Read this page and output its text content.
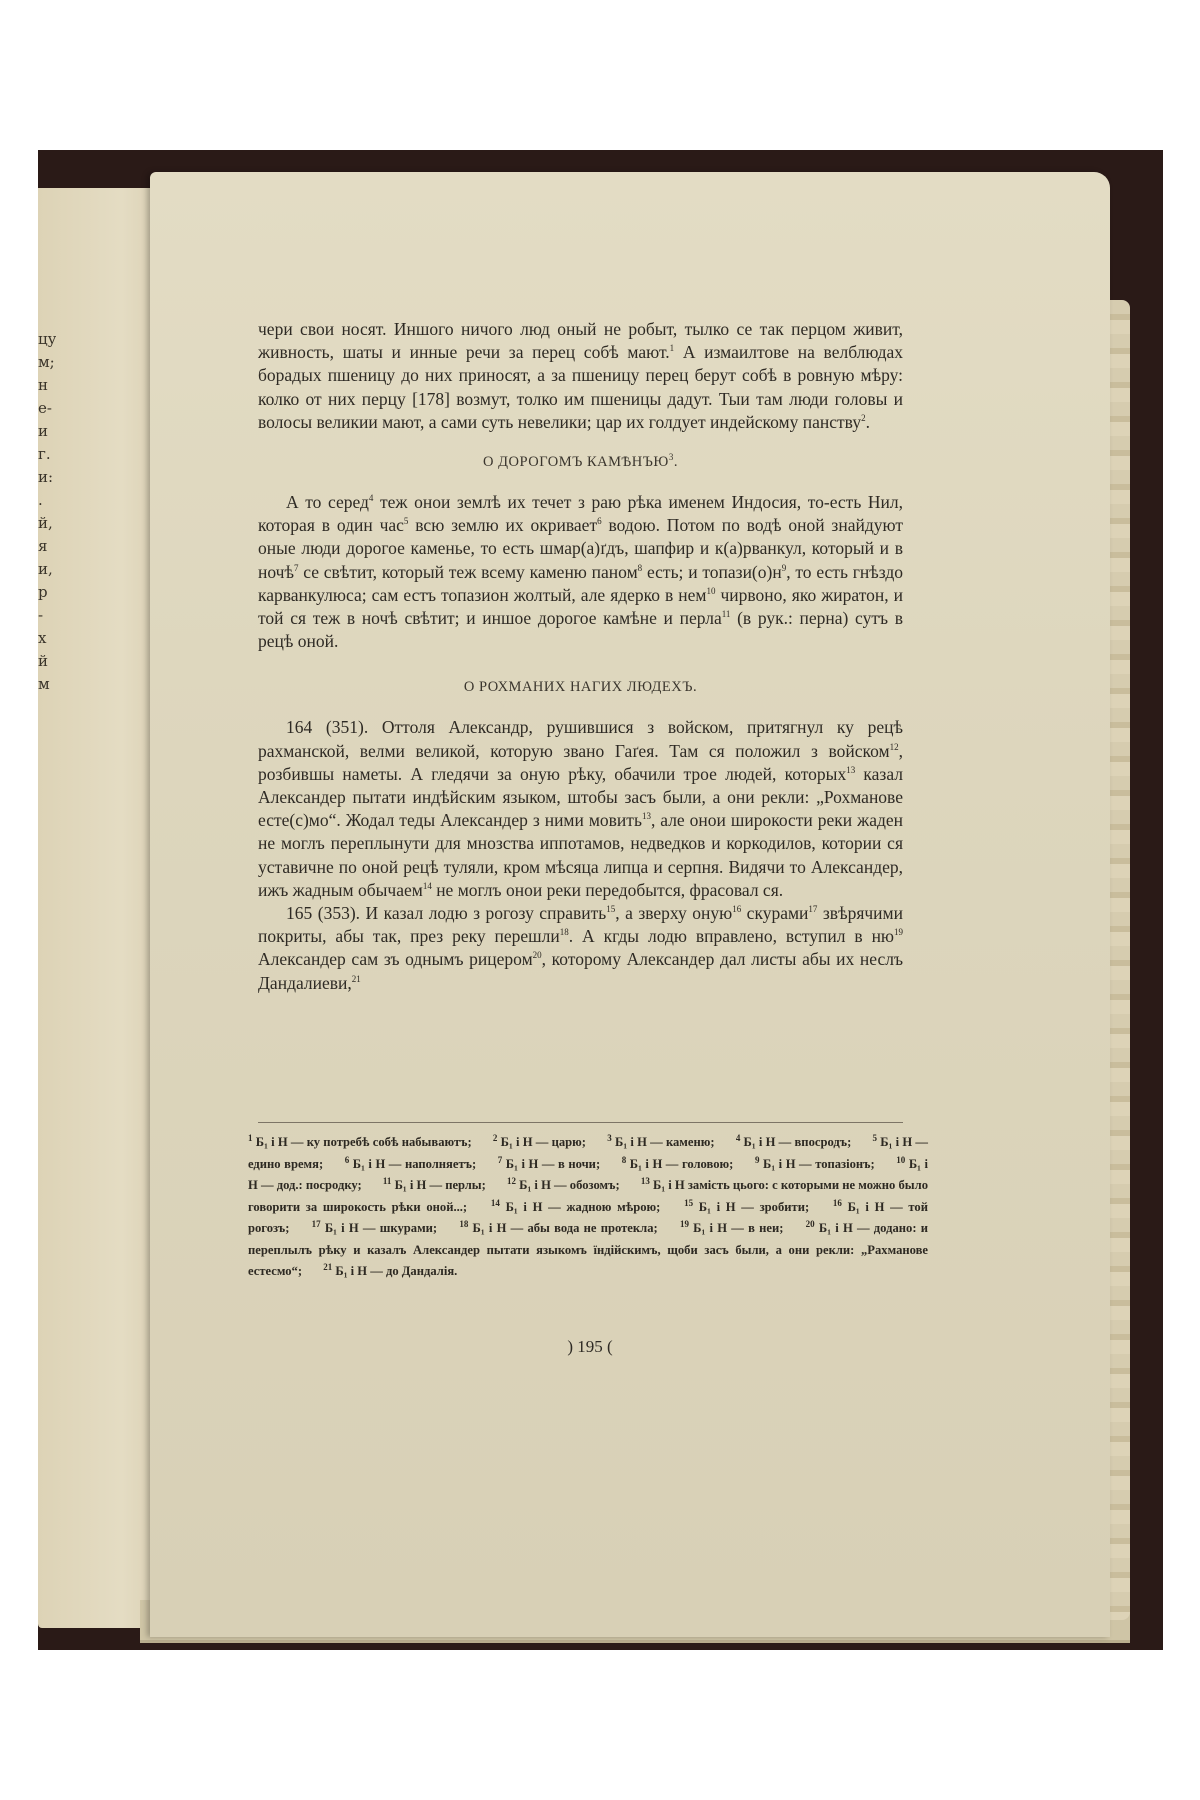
цу
м;
н
е-
и
г.
и:
.
й,
я
и,
р
-
х
й
м

чери свои носят. Иншого ничого люд оный не робыт, тылко се так перцом живит, живность, шаты и инные речи за перец собѣ мают.$^1$ А измаилтове на велблюдах борадых пшеницу до них приносят, а за пшеницу перец берут собѣ в ровную мѣру: колко от них перцу [178] возмут, толко им пшеницы дадут. Тыи там люди головы и волосы великии мают, а сами суть невелики; цар их голдует индейскому панству$^2$.

О ДОРОГОМЪ КАМѢНЪЮ$^3$.

А то серед$^4$ теж онои землѣ их течет з раю рѣка именем Индосия, то-есть Нил, которая в один час$^5$ всю землю их окривает$^6$ водою. Потом по водѣ оной знайдуют оные люди дорогое каменье, то есть шмар(а)ґдъ, шапфир и к(а)рванкул, который и в ночѣ$^7$ се свѣтит, который теж всему каменю паном$^8$ есть; и $топази(о)н^9$, то есть гнѣздо карванкулюса; сам естъ топазион жолтый, але ядерко в нем$^{10}$ чирвоно, яко жиратон, и той ся теж в ночѣ свѣтит; и иншое дорогое камѣне и перла$^{11}$ (в рук.: перна) сутъ в рецѣ оной.

О РОХМАНИХ НАГИХ ЛЮДЕХЪ.

164 (351). Оттоля Александр, рушившися з войском, притягнул ку рецѣ рахманской, велми великой, которую звано Гаґея. Там ся положил з войском$^{12}$, розбившы наметы. А гледячи за оную рѣку, обачили трое людей, которых$^{13}$ казал Александер пытати индѣйским языком, штобы засъ были, а они рекли: „Рохманове есте(с)мо“. Жодал теды Александер з ними мовить$^{13}$, але онои широкости реки жаден не моглъ переплынути для мнозства иппотамов, недведков и коркодилов, котории ся уставичне по оной рецѣ туляли, кром мѣсяца липца и серпня. Видячи то Александер, ижъ жадным обычаем$^{14}$ не моглъ онои реки передобытся, фрасовал ся.

165 (353). И казал лодю з рогозу справить$^{15}$, а зверху оную$^{16}$ скурами$^{17}$ звѣрячими покриты, абы так, през реку перешли$^{18}$. А кгды лодю вправлено, вступил в $ню^{19}$ Александер сам зъ однымъ рицером$^{20}$, которому Александер дал листы абы их неслъ Дандалиеви,$^{21}$

$^1$ Б₁ і Н — ку потребѣ собѣ набываютъ; $^2$ Б₁ і Н — царю; $^3$ Б₁ і Н — каменю; $^4$ Б₁ і Н — впосродъ; $^5$ Б₁ і Н — едино время; $^6$ Б₁ і Н — наполняетъ; $^7$ Б₁ і Н — в ночи; $^8$ Б₁ і Н — головою; $^9$ Б₁ і Н — топазіонъ; $^{10}$ Б₁ і Н — дод.: посродку; $^{11}$ Б₁ і Н — перлы; $^{12}$ Б₁ і Н — обозомъ; $^{13}$ Б₁ і Н замість цього: с которыми не можно было говорити за широкость рѣки оной...;	$^{14}$ Б₁ і Н — жадною мѣрою;	$^{15}$ Б₁ і Н — зробити;	$^{16}$ Б₁ і Н — той рогозъ; $^{17}$ Б₁ і Н — шкурами; $^{18}$ Б₁ і Н — абы вода не протекла; $^{19}$ Б₁ і Н — в неи; $^{20}$ Б₁ і Н — додано: и переплылъ рѣку и казалъ Александер пытати языкомъ їндійскимъ, щоби засъ были, а они рекли: „Рахманове естесмо“; $^{21}$ Б₁ і Н — до Дандалія.
) 195 (
